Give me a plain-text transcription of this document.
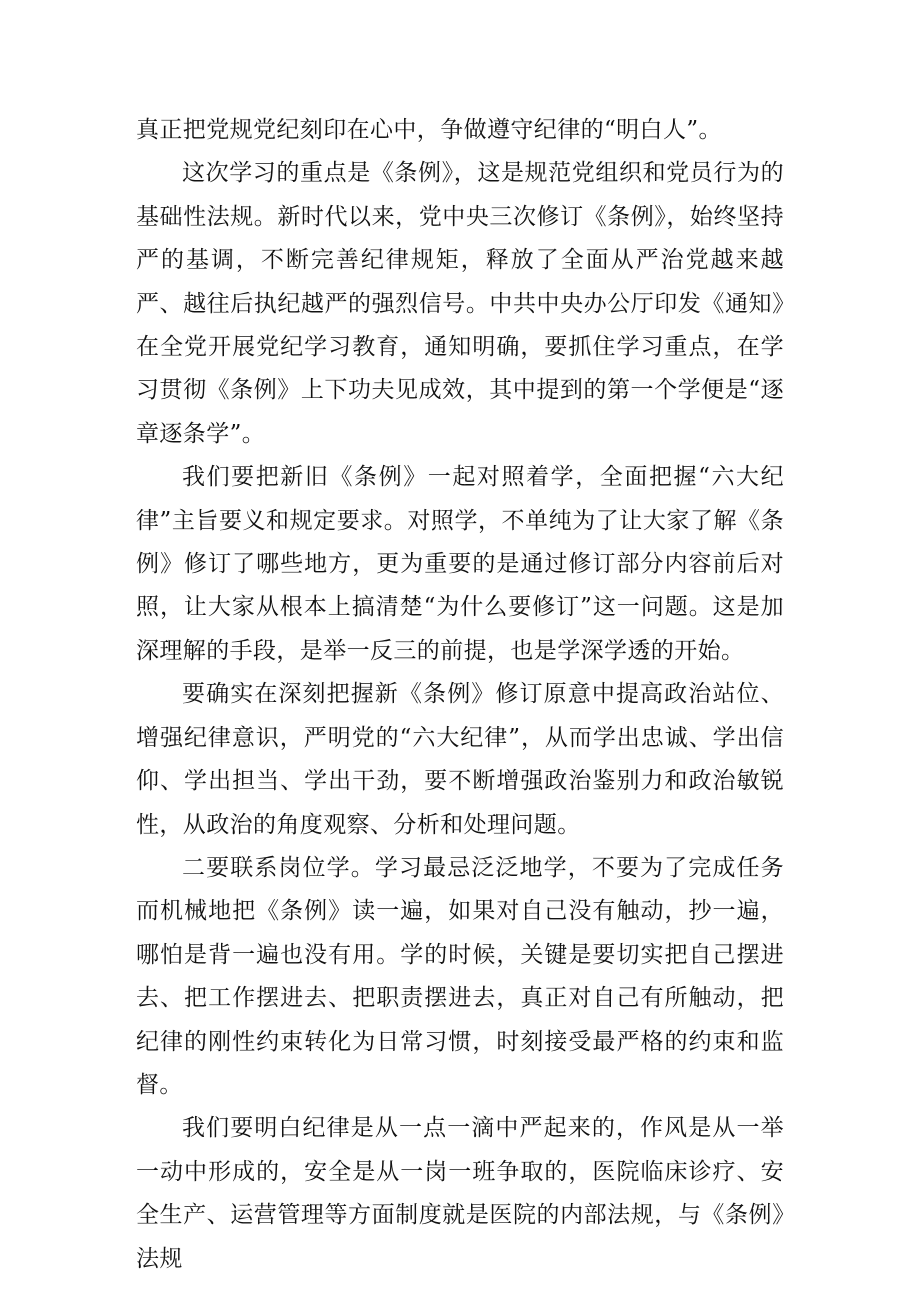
真正把党规党纪刻印在心中，争做遵守纪律的“明白人”。

这次学习的重点是《条例》，这是规范党组织和党员行为的基础性法规。新时代以来，党中央三次修订《条例》，始终坚持严的基调，不断完善纪律规矩，释放了全面从严治党越来越严、越往后执纪越严的强烈信号。中共中央办公厅印发《通知》在全党开展党纪学习教育，通知明确，要抓住学习重点，在学习贯彻《条例》上下功夫见成效，其中提到的第一个学便是“逐章逐条学”。

我们要把新旧《条例》一起对照着学，全面把握“六大纪律”主旨要义和规定要求。对照学，不单纯为了让大家了解《条例》修订了哪些地方，更为重要的是通过修订部分内容前后对照，让大家从根本上搞清楚“为什么要修订”这一问题。这是加深理解的手段，是举一反三的前提，也是学深学透的开始。

要确实在深刻把握新《条例》修订原意中提高政治站位、增强纪律意识，严明党的“六大纪律”，从而学出忠诚、学出信仰、学出担当、学出干劲，要不断增强政治鉴别力和政治敏锐性，从政治的角度观察、分析和处理问题。

二要联系岗位学。学习最忌泛泛地学，不要为了完成任务而机械地把《条例》读一遍，如果对自己没有触动，抄一遍，哪怕是背一遍也没有用。学的时候，关键是要切实把自己摆进去、把工作摆进去、把职责摆进去，真正对自己有所触动，把纪律的刚性约束转化为日常习惯，时刻接受最严格的约束和监督。

我们要明白纪律是从一点一滴中严起来的，作风是从一举一动中形成的，安全是从一岗一班争取的，医院临床诊疗、安全生产、运营管理等方面制度就是医院的内部法规，与《条例》法规
